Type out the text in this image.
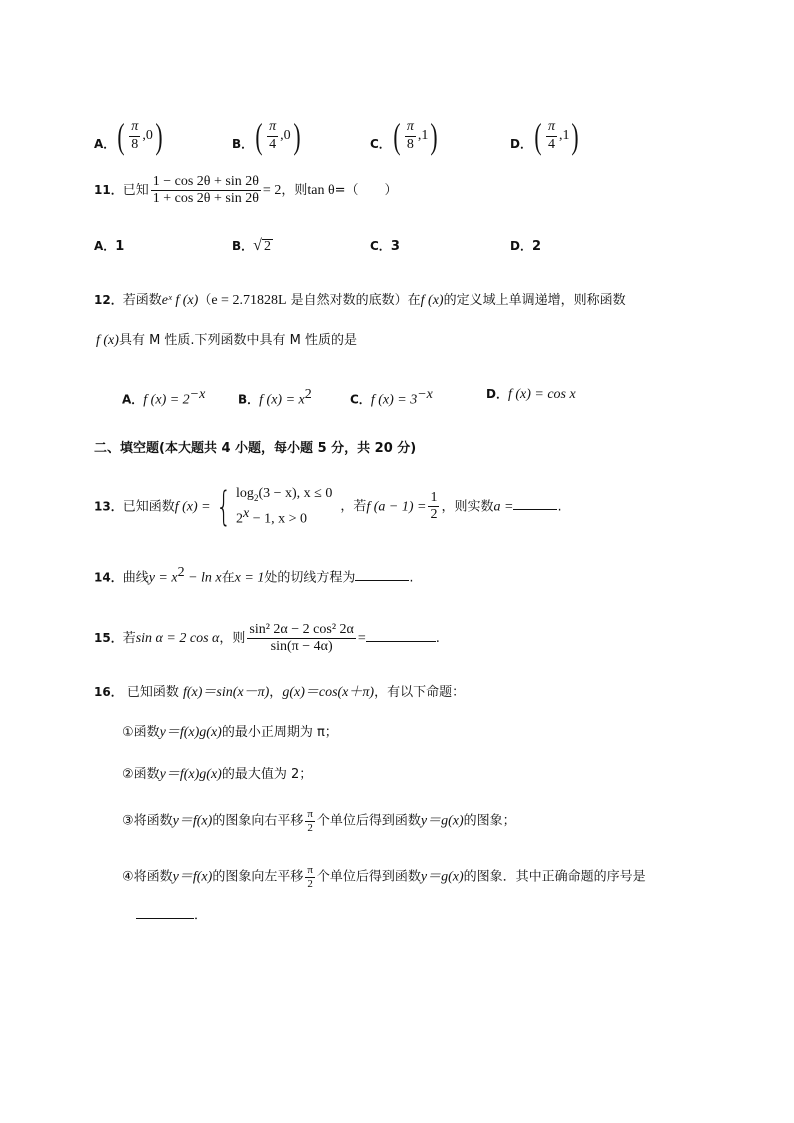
A． ( $\frac{\pi}{8}$ , 0 )	B． ( $\frac{\pi}{4}$ , 0 )	C． ( $\frac{\pi}{8}$ , 1 )	D． ( $\frac{\pi}{4}$ , 1 )
11．已知 $\frac{1 - \cos 2\theta + \sin 2\theta}{1 + \cos 2\theta + \sin 2\theta} = 2$，则tan θ=（　　）
A．1	B． √ 2	C．3	D．2
12．若函数eˣ f (x)（e = 2.71828L 是自然对数的底数）在f (x)的定义域上单调递增，则称函数
f (x)具有 M 性质.下列函数中具有 M 性质的是
A．f $(x) = 2^{-x}$	B．f $(x) = x^2$	C．f $(x) = 3^{-x}$	D．f (x) = cos x
二、填空题(本大题共 4 小题，每小题 5 分，共 20 分)
13．已知函数f (x) = { $\log_2(3 - x)$, x ≤ 0
$2^x - 1$, x > 0
，若f $(a - 1) = \frac{1}{2}$ ，则实数a =	.
14．曲线$y = x^2 - \ln x$在x = 1处的切线方程为	.
15．若sin α = 2 cos α，则 $\frac{\text{sin² 2α − 2 cos² 2α}}{\sin(\pi - 4\alpha)}$ =	.
16． 已知函数 f(x)＝sin(x－π)，g(x)＝cos(x＋π)，有以下命题：
①函数y＝f(x)g(x)的最小正周期为 π；
②函数y＝f(x)g(x)的最大值为 2；
③将函数y＝f(x)的图象向右平移 $\frac{\pi}{2}$ 个单位后得到函数y＝g(x)的图象；
④将函数y＝f(x)的图象向左平移 $\frac{\pi}{2}$ 个单位后得到函数y＝g(x)的图象．其中正确命题的序号是
．
